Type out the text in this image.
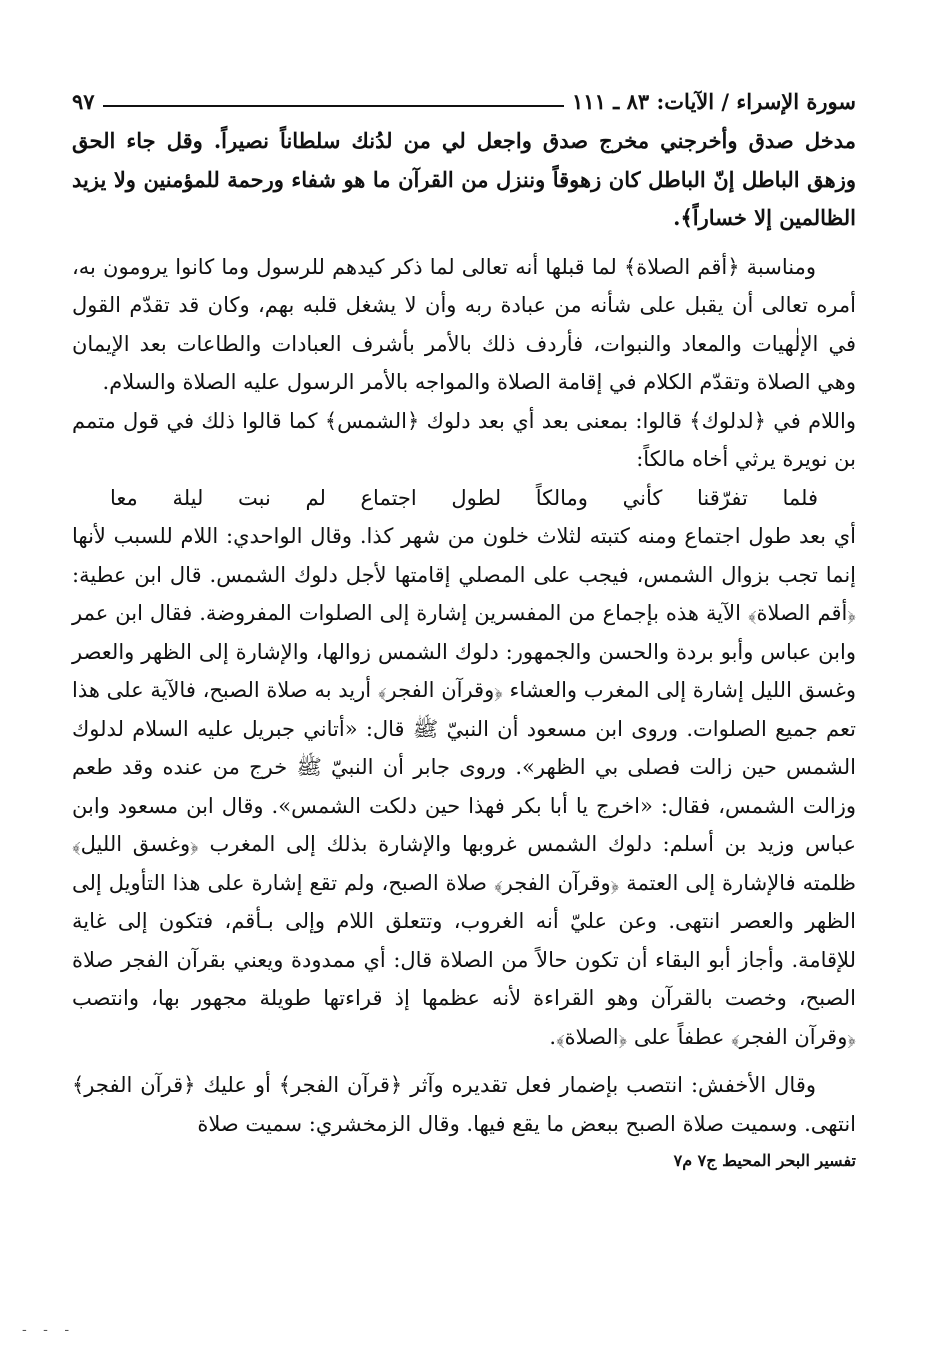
سورة الإسراء / الآيات: ٨٣ ـ ١١١
٩٧

مدخل صدق وأخرجني مخرج صدق واجعل لي من لدُنك سلطاناً نصيراً. وقل جاء الحق وزهق الباطل إنّ الباطل كان زهوقاً وننزل من القرآن ما هو شفاء ورحمة للمؤمنين ولا يزيد الظالمين إلا خساراً﴾.

ومناسبة ﴿أقم الصلاة﴾ لما قبلها أنه تعالى لما ذكر كيدهم للرسول وما كانوا يرومون به، أمره تعالى أن يقبل على شأنه من عبادة ربه وأن لا يشغل قلبه بهم، وكان قد تقدّم القول في الإلٰهيات والمعاد والنبوات، فأردف ذلك بالأمر بأشرف العبادات والطاعات بعد الإيمان وهي الصلاة وتقدّم الكلام في إقامة الصلاة والمواجه بالأمر الرسول عليه الصلاة والسلام.

واللام في ﴿لدلوك﴾ قالوا: بمعنى بعد أي بعد دلوك ﴿الشمس﴾ كما قالوا ذلك في قول متمم بن نويرة يرثي أخاه مالكاً:

فلما
تفرّقنا
كأني
ومالكاً
لطول
اجتماع
لم
نبت
ليلة
معا

أي بعد طول اجتماع ومنه كتبته لثلاث خلون من شهر كذا. وقال الواحدي: اللام للسبب لأنها إنما تجب بزوال الشمس، فيجب على المصلي إقامتها لأجل دلوك الشمس. قال ابن عطية: ﴿أقم الصلاة﴾ الآية هذه بإجماع من المفسرين إشارة إلى الصلوات المفروضة. فقال ابن عمر وابن عباس وأبو بردة والحسن والجمهور: دلوك الشمس زوالها، والإشارة إلى الظهر والعصر وغسق الليل إشارة إلى المغرب والعشاء ﴿وقرآن الفجر﴾ أريد به صلاة الصبح، فالآية على هذا تعم جميع الصلوات. وروى ابن مسعود أن النبيّ ﷺ قال: «أتاني جبريل عليه السلام لدلوك الشمس حين زالت فصلى بي الظهر». وروى جابر أن النبيّ ﷺ خرج من عنده وقد طعم وزالت الشمس، فقال: «اخرج يا أبا بكر فهذا حين دلكت الشمس». وقال ابن مسعود وابن عباس وزيد بن أسلم: دلوك الشمس غروبها والإشارة بذلك إلى المغرب ﴿وغسق الليل﴾ ظلمته فالإشارة إلى العتمة ﴿وقرآن الفجر﴾ صلاة الصبح، ولم تقع إشارة على هذا التأويل إلى الظهر والعصر انتهى. وعن عليّ أنه الغروب، وتتعلق اللام وإلى بـأقم، فتكون إلى غاية للإقامة. وأجاز أبو البقاء أن تكون حالاً من الصلاة قال: أي ممدودة ويعني بقرآن الفجر صلاة الصبح، وخصت بالقرآن وهو القراءة لأنه عظمها إذ قراءتها طويلة مجهور بها، وانتصب ﴿وقرآن الفجر﴾ عطفاً على ﴿الصلاة﴾.

وقال الأخفش: انتصب بإضمار فعل تقديره وآثر ﴿قرآن الفجر﴾ أو عليك ﴿قرآن الفجر﴾ انتهى. وسميت صلاة الصبح ببعض ما يقع فيها. وقال الزمخشري: سميت صلاة

تفسير البحر المحيط ج٧ م٧
- - -
